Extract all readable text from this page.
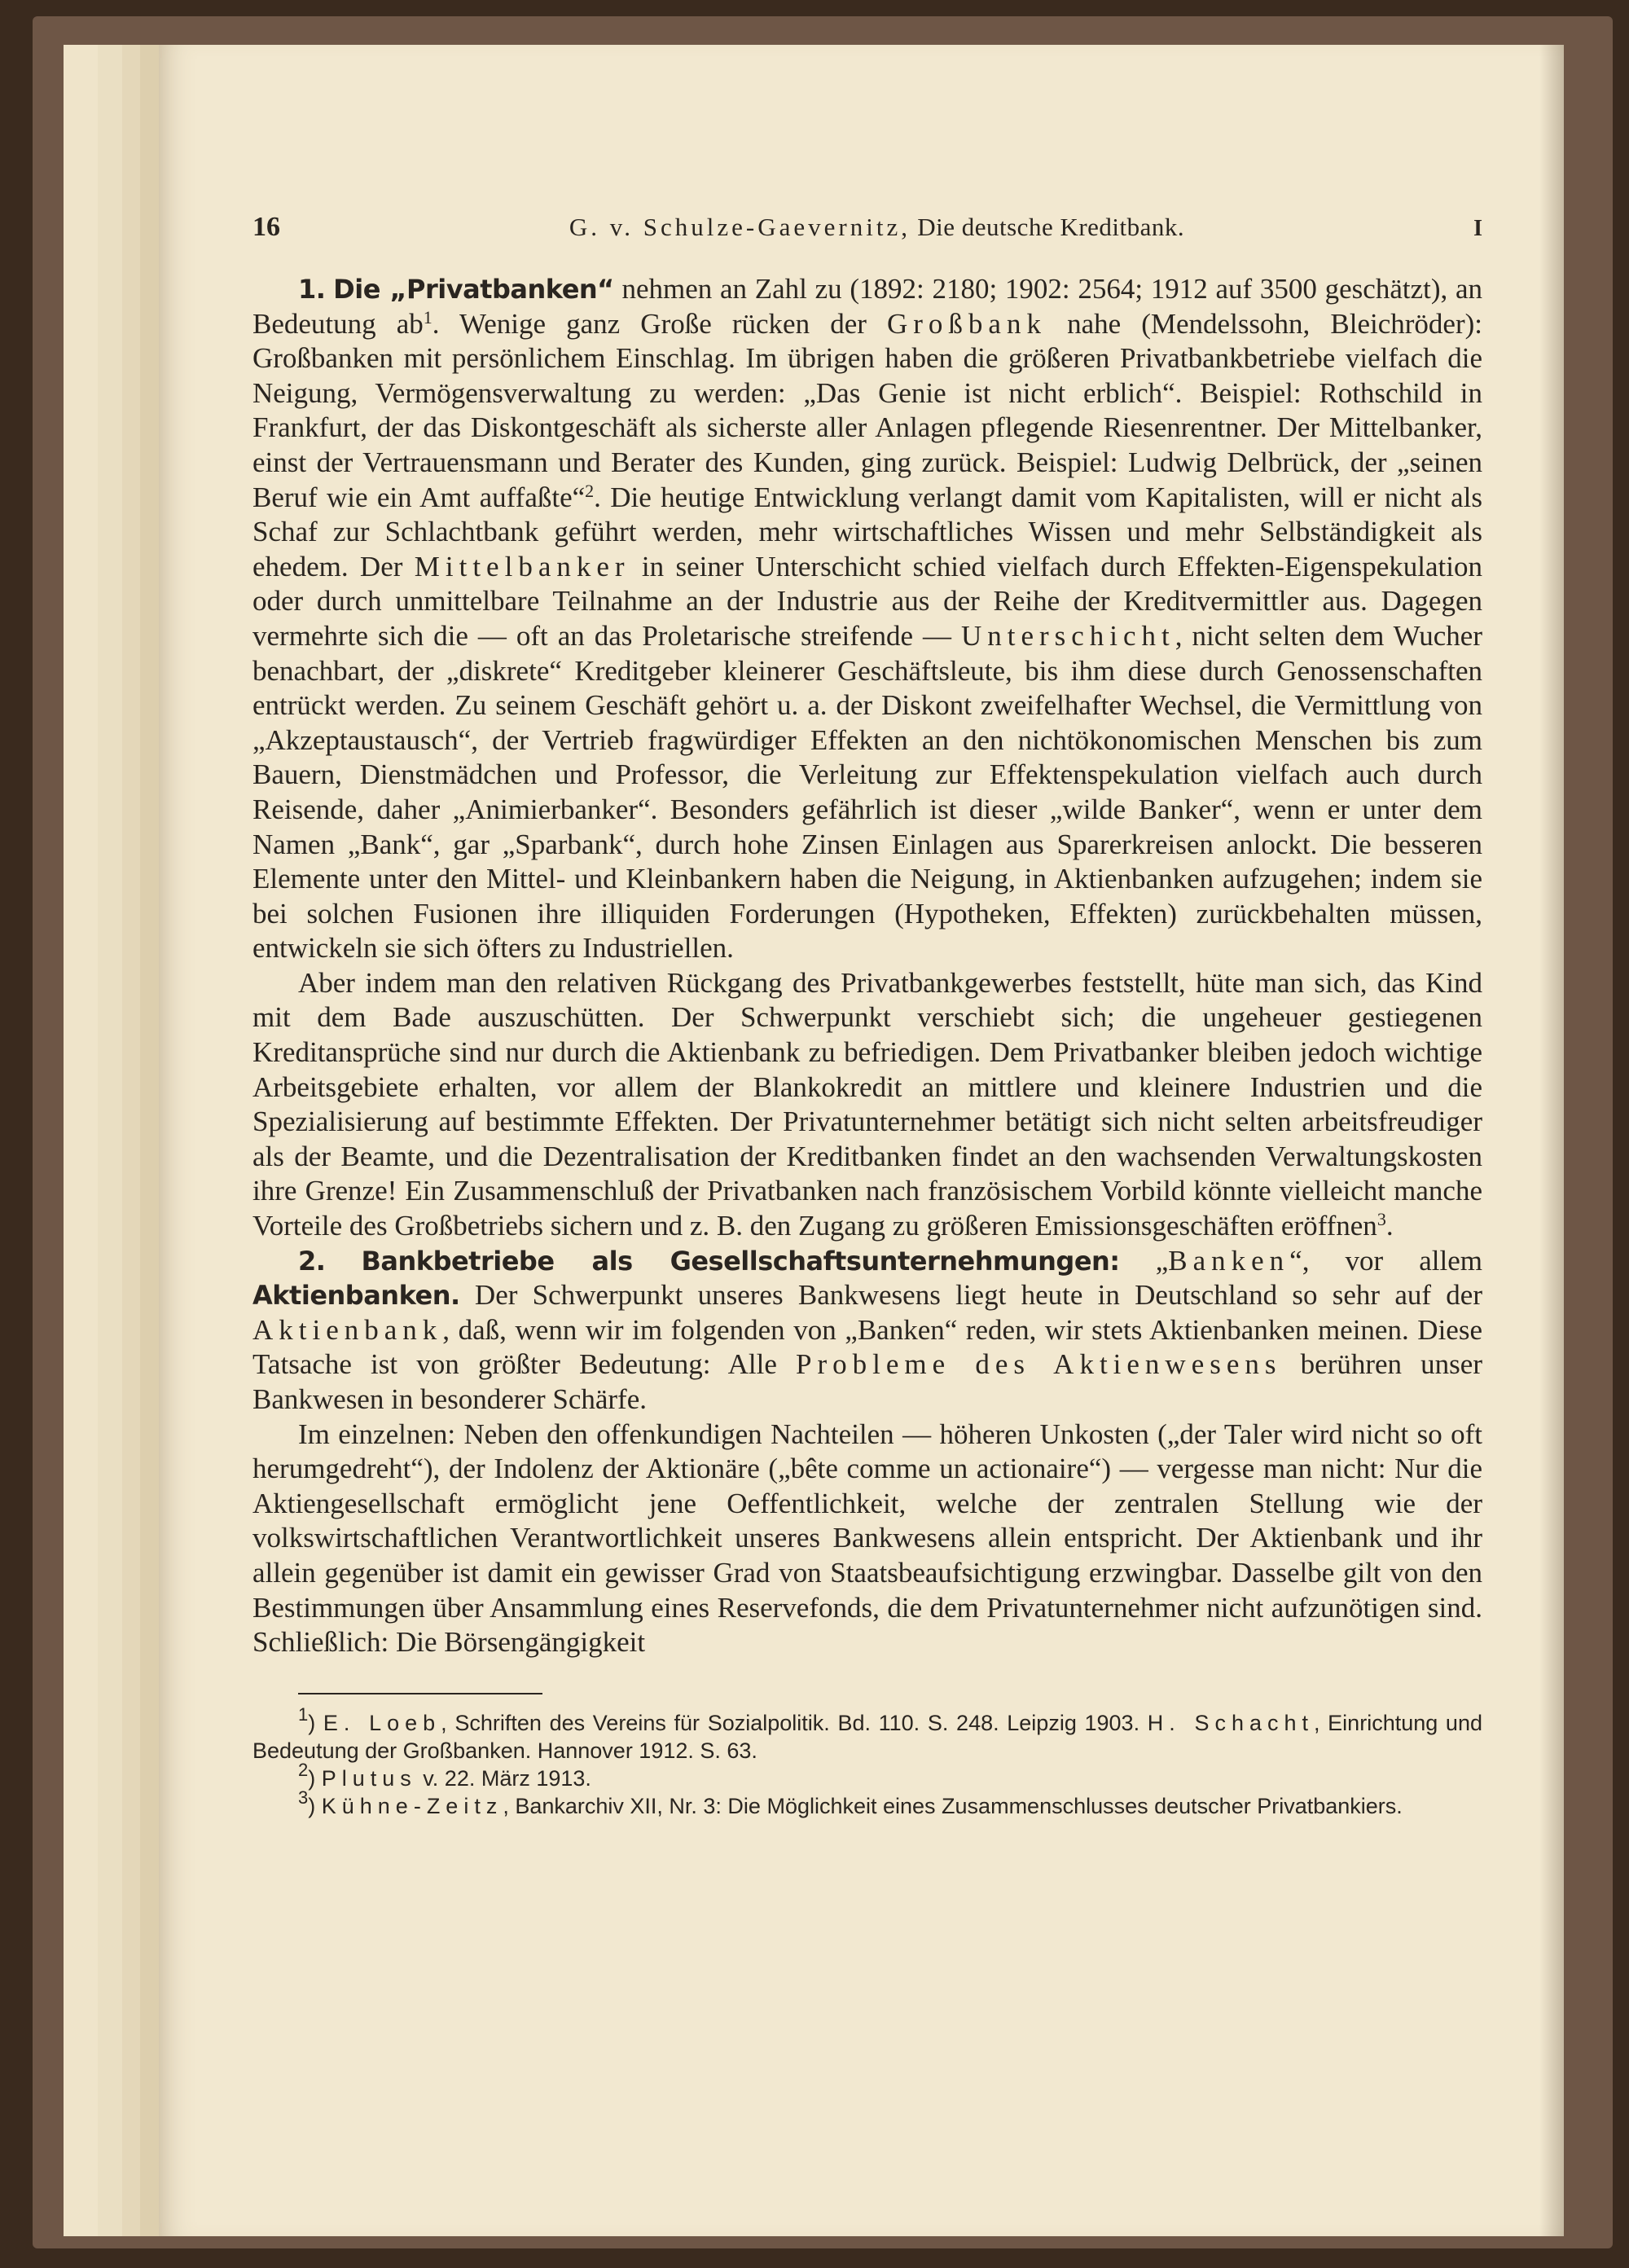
16	G. v. Schulze-Gaevernitz, Die deutsche Kreditbank.	I

1. Die „Privatbanken“ nehmen an Zahl zu (1892: 2180; 1902: 2564; 1912 auf 3500 geschätzt), an Bedeutung $ab^1$. Wenige ganz Große rücken der Großbank nahe (Mendelssohn, Bleichröder): Großbanken mit persönlichem Einschlag. Im übrigen haben die größeren Privatbankbetriebe vielfach die Neigung, Vermögensverwaltung zu werden: „Das Genie ist nicht erblich“. Beispiel: Rothschild in Frankfurt, der das Diskontgeschäft als sicherste aller Anlagen pflegende Riesenrentner. Der Mittelbanker, einst der Vertrauensmann und Berater des Kunden, ging zurück. Beispiel: Ludwig Delbrück, der „seinen Beruf wie ein Amt auffaßte“$^2$. Die heutige Entwicklung verlangt damit vom Kapitalisten, will er nicht als Schaf zur Schlachtbank geführt werden, mehr wirtschaftliches Wissen und mehr Selbständigkeit als ehedem. Der Mittelbanker in seiner Unterschicht schied vielfach durch Effekten-Eigenspekulation oder durch unmittelbare Teilnahme an der Industrie aus der Reihe der Kreditvermittler aus. Dagegen vermehrte sich die — oft an das Proletarische streifende — Unterschicht, nicht selten dem Wucher benachbart, der „diskrete“ Kreditgeber kleinerer Geschäftsleute, bis ihm diese durch Genossenschaften entrückt werden. Zu seinem Geschäft gehört u. a. der Diskont zweifelhafter Wechsel, die Vermittlung von „Akzeptaustausch“, der Vertrieb fragwürdiger Effekten an den nichtökonomischen Menschen bis zum Bauern, Dienstmädchen und Professor, die Verleitung zur Effektenspekulation vielfach auch durch Reisende, daher „Animierbanker“. Besonders gefährlich ist dieser „wilde Banker“, wenn er unter dem Namen „Bank“, gar „Sparbank“, durch hohe Zinsen Einlagen aus Sparerkreisen anlockt. Die besseren Elemente unter den Mittel- und Kleinbankern haben die Neigung, in Aktienbanken aufzugehen; indem sie bei solchen Fusionen ihre illiquiden Forderungen (Hypotheken, Effekten) zurückbehalten müssen, entwickeln sie sich öfters zu Industriellen.

Aber indem man den relativen Rückgang des Privatbankgewerbes feststellt, hüte man sich, das Kind mit dem Bade auszuschütten. Der Schwerpunkt verschiebt sich; die ungeheuer gestiegenen Kreditansprüche sind nur durch die Aktienbank zu befriedigen. Dem Privatbanker bleiben jedoch wichtige Arbeitsgebiete erhalten, vor allem der Blankokredit an mittlere und kleinere Industrien und die Spezialisierung auf bestimmte Effekten. Der Privatunternehmer betätigt sich nicht selten arbeitsfreudiger als der Beamte, und die Dezentralisation der Kreditbanken findet an den wachsenden Verwaltungskosten ihre Grenze! Ein Zusammenschluß der Privatbanken nach französischem Vorbild könnte vielleicht manche Vorteile des Großbetriebs sichern und z. B. den Zugang zu größeren Emissionsgeschäften eröffnen$^3$.

2. Bankbetriebe als Gesellschaftsunternehmungen: „Banken“, vor allem Aktienbanken. Der Schwerpunkt unseres Bankwesens liegt heute in Deutschland so sehr auf der Aktienbank, daß, wenn wir im folgenden von „Banken“ reden, wir stets Aktienbanken meinen. Diese Tatsache ist von größter Bedeutung: Alle Probleme des Aktienwesens berühren unser Bankwesen in besonderer Schärfe.

Im einzelnen: Neben den offenkundigen Nachteilen — höheren Unkosten („der Taler wird nicht so oft herumgedreht“), der Indolenz der Aktionäre („bête comme un actionaire“) — vergesse man nicht: Nur die Aktiengesellschaft ermöglicht jene Oeffentlichkeit, welche der zentralen Stellung wie der volkswirtschaftlichen Verantwortlichkeit unseres Bankwesens allein entspricht. Der Aktienbank und ihr allein gegenüber ist damit ein gewisser Grad von Staatsbeaufsichtigung erzwingbar. Dasselbe gilt von den Bestimmungen über Ansammlung eines Reservefonds, die dem Privatunternehmer nicht aufzunötigen sind. Schließlich: Die Börsengängigkeit

$^1$) E. Loeb, Schriften des Vereins für Sozialpolitik. Bd. 110. S. 248. Leipzig 1903. H. Schacht, Einrichtung und Bedeutung der Großbanken. Hannover 1912. S. 63.

$^2$) Plutus v. 22. März 1913.

$^3$) Kühne-Zeitz, Bankarchiv XII, Nr. 3: Die Möglichkeit eines Zusammenschlusses deutscher Privatbankiers.
